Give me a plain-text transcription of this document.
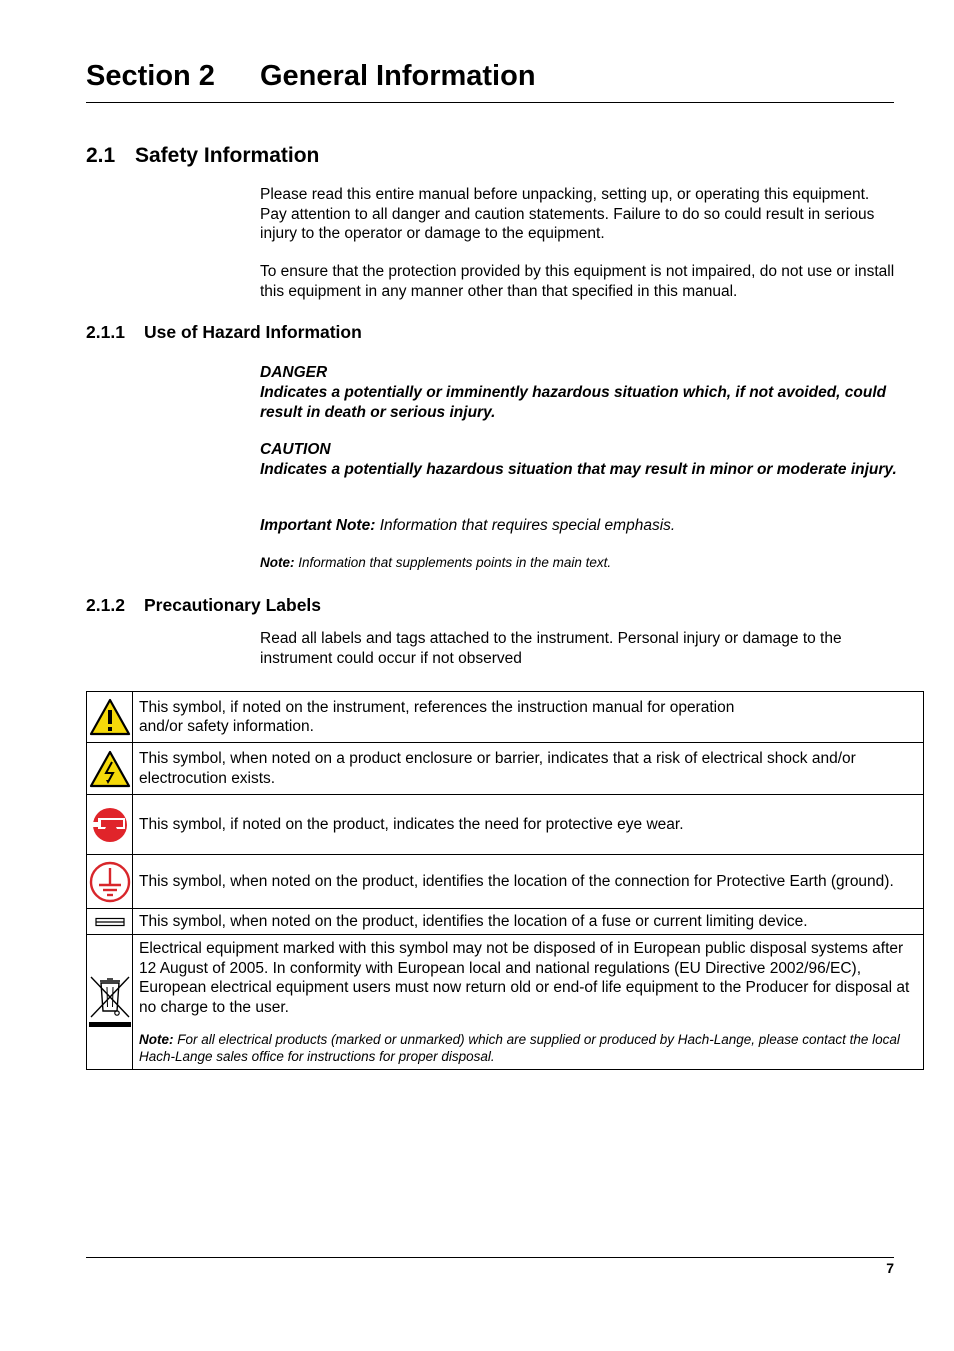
Section 2 General Information
2.1 Safety Information
Please read this entire manual before unpacking, setting up, or operating this equipment. Pay attention to all danger and caution statements. Failure to do so could result in serious injury to the operator or damage to the equipment.
To ensure that the protection provided by this equipment is not impaired, do not use or install this equipment in any manner other than that specified in this manual.
2.1.1 Use of Hazard Information
DANGER
Indicates a potentially or imminently hazardous situation which, if not avoided, could result in death or serious injury.
CAUTION
Indicates a potentially hazardous situation that may result in minor or moderate injury.
Important Note: Information that requires special emphasis.
Note: Information that supplements points in the main text.
2.1.2 Precautionary Labels
Read all labels and tags attached to the instrument. Personal injury or damage to the instrument could occur if not observed

This symbol, if noted on the instrument, references the instruction manual for operation
and/or safety information.

	This symbol, when noted on a product enclosure or barrier, indicates that a risk of electrical shock and/or electrocution exists.

	This symbol, if noted on the product, indicates the need for protective eye wear.

	This symbol, when noted on the product, identifies the location of the connection for Protective Earth (ground).

	This symbol, when noted on the product, identifies the location of a fuse or current limiting device.

Electrical equipment marked with this symbol may not be disposed of in European public disposal systems after 12 August of 2005. In conformity with European local and national regulations (EU Directive 2002/96/EC), European electrical equipment users must now return old or end-of life equipment to the Producer for disposal at no charge to the user.
Note: For all electrical products (marked or unmarked) which are supplied or produced by Hach-Lange, please contact the local Hach-Lange sales office for instructions for proper disposal.
7
